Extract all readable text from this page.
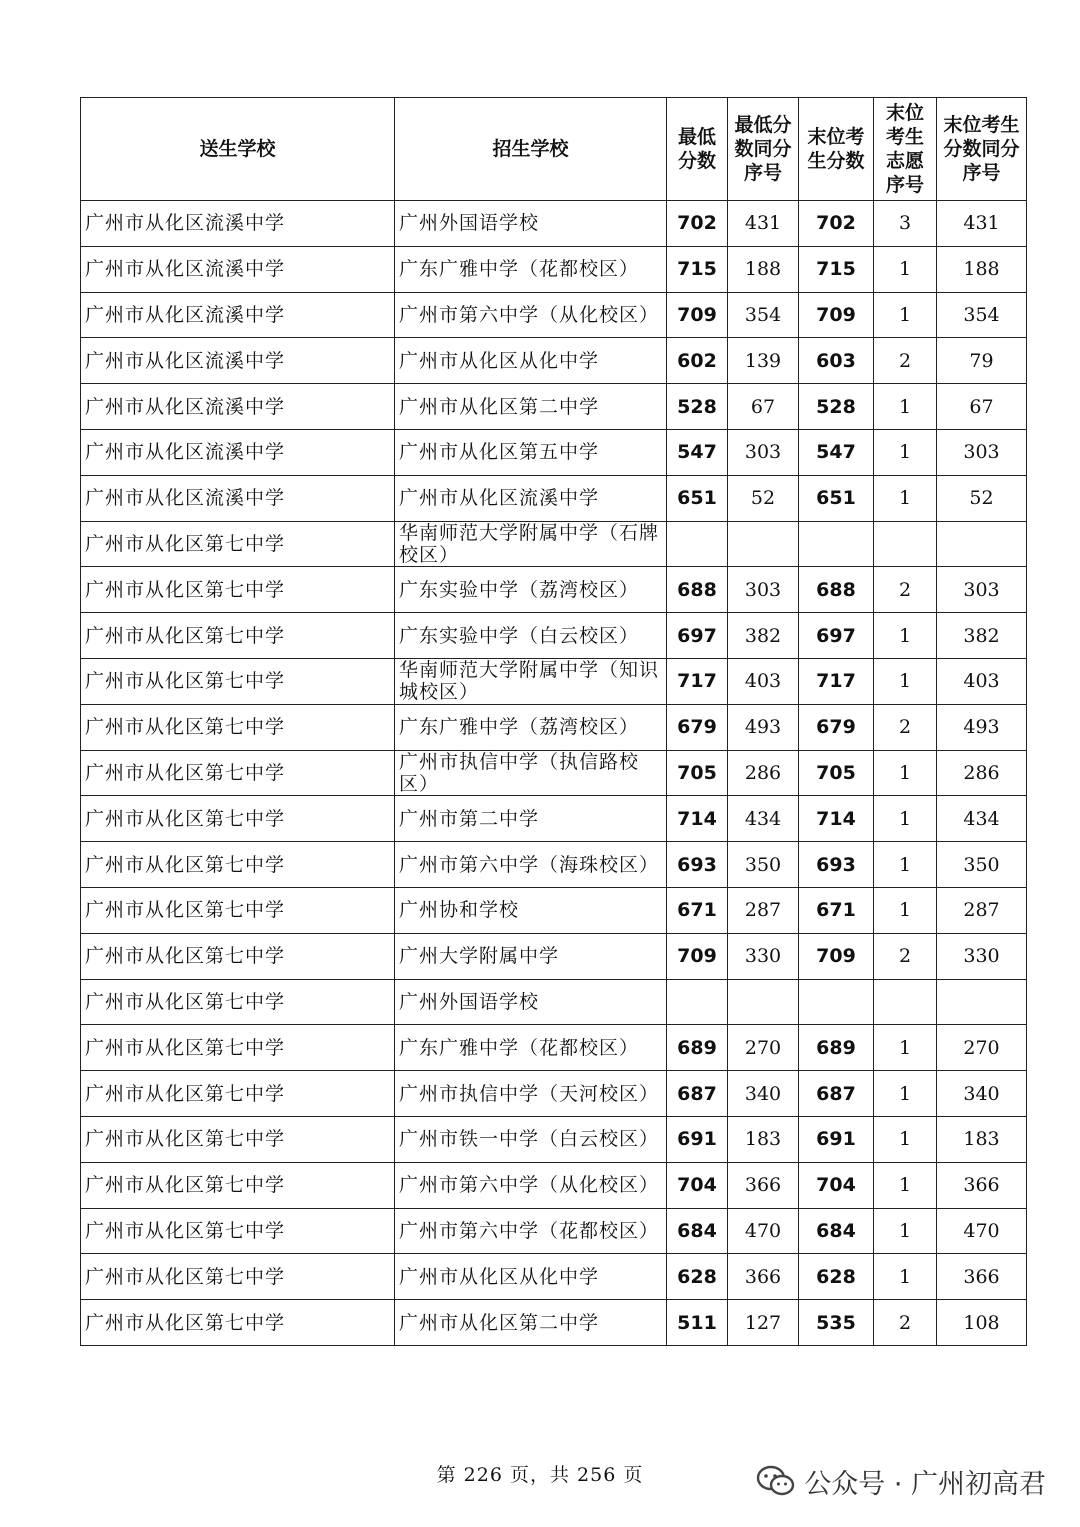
送生学校	招生学校	最低分数	最低分数同分序号	末位考生分数	末位考生志愿序号	末位考生分数同分序号
广州市从化区流溪中学	广州外国语学校	702	431	702	3	431
广州市从化区流溪中学	广东广雅中学（花都校区）	715	188	715	1	188
广州市从化区流溪中学	广州市第六中学（从化校区）	709	354	709	1	354
广州市从化区流溪中学	广州市从化区从化中学	602	139	603	2	79
广州市从化区流溪中学	广州市从化区第二中学	528	67	528	1	67
广州市从化区流溪中学	广州市从化区第五中学	547	303	547	1	303
广州市从化区流溪中学	广州市从化区流溪中学	651	52	651	1	52
广州市从化区第七中学	华南师范大学附属中学（石牌校区）					
广州市从化区第七中学	广东实验中学（荔湾校区）	688	303	688	2	303
广州市从化区第七中学	广东实验中学（白云校区）	697	382	697	1	382
广州市从化区第七中学	华南师范大学附属中学（知识城校区）	717	403	717	1	403
广州市从化区第七中学	广东广雅中学（荔湾校区）	679	493	679	2	493
广州市从化区第七中学	广州市执信中学（执信路校区）	705	286	705	1	286
广州市从化区第七中学	广州市第二中学	714	434	714	1	434
广州市从化区第七中学	广州市第六中学（海珠校区）	693	350	693	1	350
广州市从化区第七中学	广州协和学校	671	287	671	1	287
广州市从化区第七中学	广州大学附属中学	709	330	709	2	330
广州市从化区第七中学	广州外国语学校					
广州市从化区第七中学	广东广雅中学（花都校区）	689	270	689	1	270
广州市从化区第七中学	广州市执信中学（天河校区）	687	340	687	1	340
广州市从化区第七中学	广州市铁一中学（白云校区）	691	183	691	1	183
广州市从化区第七中学	广州市第六中学（从化校区）	704	366	704	1	366
广州市从化区第七中学	广州市第六中学（花都校区）	684	470	684	1	470
广州市从化区第七中学	广州市从化区从化中学	628	366	628	1	366
广州市从化区第七中学	广州市从化区第二中学	511	127	535	2	108
第 226 页，共 256 页	公众号 · 广州初高君
